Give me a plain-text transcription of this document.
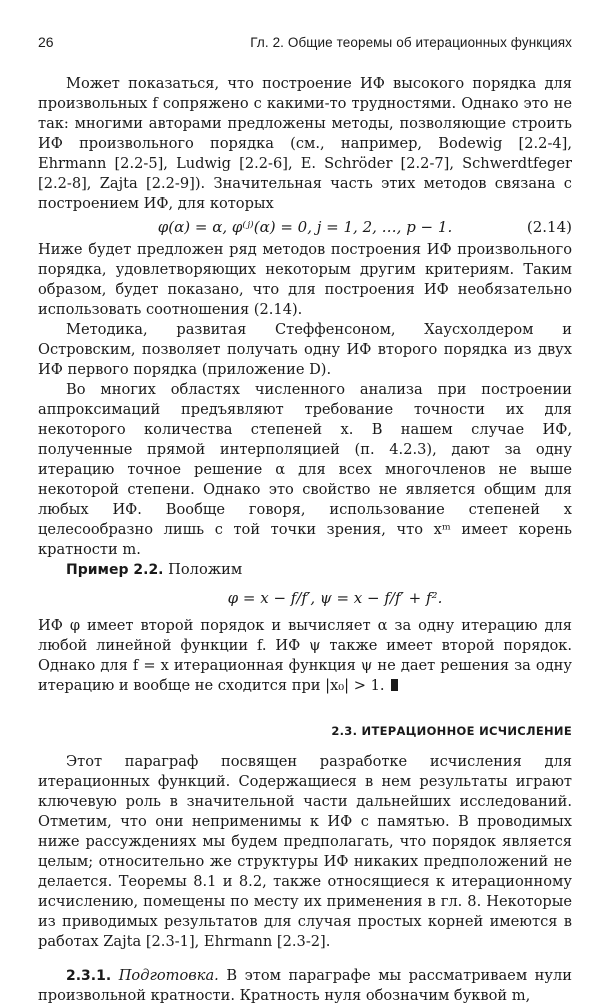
26	Гл. 2. Общие теоремы об итерационных функциях

Может показаться, что построение ИФ высокого порядка для произвольных f сопряжено с какими-то трудностями. Однако это не так: многими авторами предложены методы, позволяющие строить ИФ произвольного порядка (см., например, Bodewig [2.2-4], Ehrmann [2.2-5], Ludwig [2.2-6], E. Schröder [2.2-7], Schwerdtfeger [2.2-8], Zajta [2.2-9]). Значительная часть этих методов связана с построением ИФ, для которых

φ(α) = α, φ⁽ʲ⁾(α) = 0, j = 1, 2, …, p − 1.	(2.14)

Ниже будет предложен ряд методов построения ИФ произвольного порядка, удовлетворяющих некоторым другим критериям. Таким образом, будет показано, что для построения ИФ необязательно использовать соотношения (2.14).

Методика, развитая Стеффенсоном, Хаусхолдером и Островским, позволяет получать одну ИФ второго порядка из двух ИФ первого порядка (приложение D).

Во многих областях численного анализа при построении аппроксимаций предъявляют требование точности их для некоторого количества степеней x. В нашем случае ИФ, полученные прямой интерполяцией (п. 4.2.3), дают за одну итерацию точное решение α для всех многочленов не выше некоторой степени. Однако это свойство не является общим для любых ИФ. Вообще говоря, использование степеней x целесообразно лишь с той точки зрения, что xᵐ имеет корень кратности m.

Пример 2.2. Положим

φ = x − f/f′, ψ = x − f/f′ + f².

ИФ φ имеет второй порядок и вычисляет α за одну итерацию для любой линейной функции f. ИФ ψ также имеет второй порядок. Однако для f = x итерационная функция ψ не дает решения за одну итерацию и вообще не сходится при |x₀| > 1.

2.3. ИТЕРАЦИОННОЕ ИСЧИСЛЕНИЕ

Этот параграф посвящен разработке исчисления для итерационных функций. Содержащиеся в нем результаты играют ключевую роль в значительной части дальнейших исследований. Отметим, что они неприменимы к ИФ с памятью. В проводимых ниже рассуждениях мы будем предполагать, что порядок является целым; относительно же структуры ИФ никаких предположений не делается. Теоремы 8.1 и 8.2, также относящиеся к итерационному исчислению, помещены по месту их применения в гл. 8. Некоторые из приводимых результатов для случая простых корней имеются в работах Zajta [2.3-1], Ehrmann [2.3-2].

2.3.1. Подготовка. В этом параграфе мы рассматриваем нули произвольной кратности. Кратность нуля обозначим буквой m,
